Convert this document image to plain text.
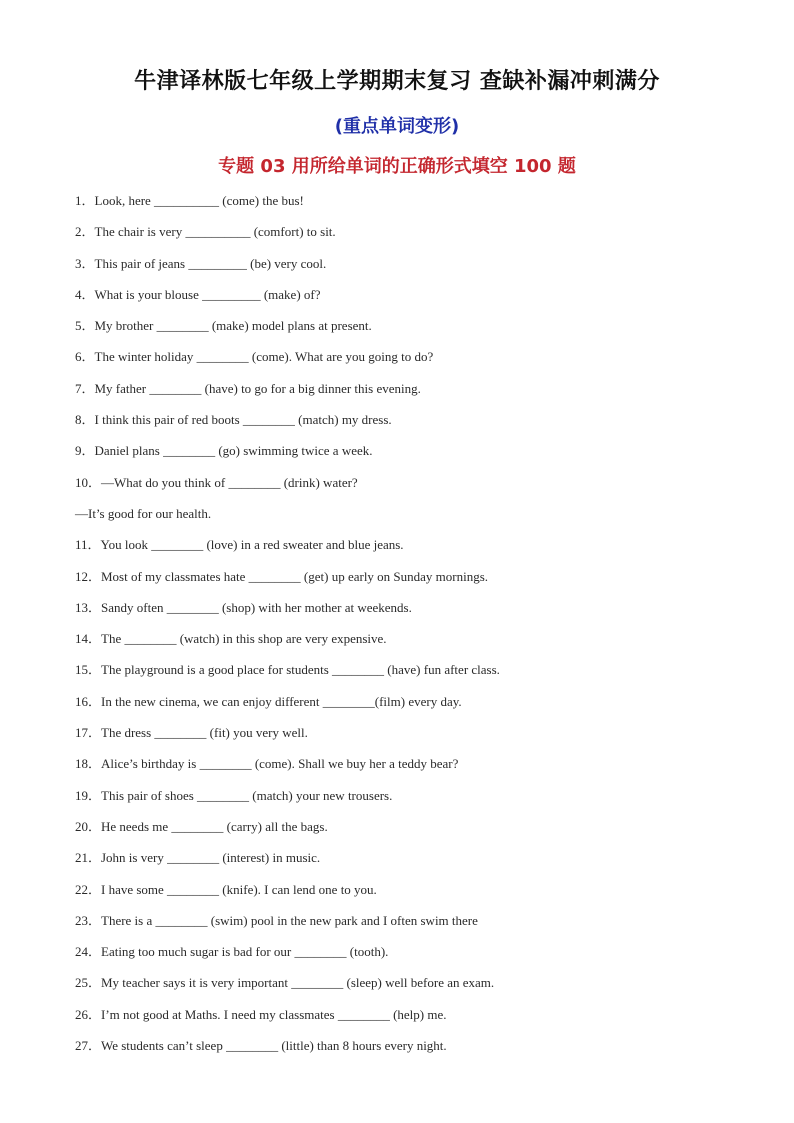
牛津译林版七年级上学期期末复习 查缺补漏冲刺满分
(重点单词变形)
专题 03 用所给单词的正确形式填空 100 题
1．Look, here __________ (come) the bus!
2．The chair is very __________ (comfort) to sit.
3．This pair of jeans _________ (be) very cool.
4．What is your blouse _________ (make) of?
5．My brother ________ (make) model plans at present.
6．The winter holiday ________ (come). What are you going to do?
7．My father ________ (have) to go for a big dinner this evening.
8．I think this pair of red boots ________ (match) my dress.
9．Daniel plans ________ (go) swimming twice a week.
10．—What do you think of ________ (drink) water?
—It’s good for our health.
11．You look ________ (love) in a red sweater and blue jeans.
12．Most of my classmates hate ________ (get) up early on Sunday mornings.
13．Sandy often ________ (shop) with her mother at weekends.
14．The ________ (watch) in this shop are very expensive.
15．The playground is a good place for students ________ (have) fun after class.
16．In the new cinema, we can enjoy different ________(film) every day.
17．The dress ________ (fit) you very well.
18．Alice’s birthday is ________ (come). Shall we buy her a teddy bear?
19．This pair of shoes ________ (match) your new trousers.
20．He needs me ________ (carry) all the bags.
21．John is very ________ (interest) in music.
22．I have some ________ (knife). I can lend one to you.
23．There is a ________ (swim) pool in the new park and I often swim there
24．Eating too much sugar is bad for our ________ (tooth).
25．My teacher says it is very important ________ (sleep) well before an exam.
26．I’m not good at Maths. I need my classmates ________ (help) me.
27．We students can’t sleep ________ (little) than 8 hours every night.
